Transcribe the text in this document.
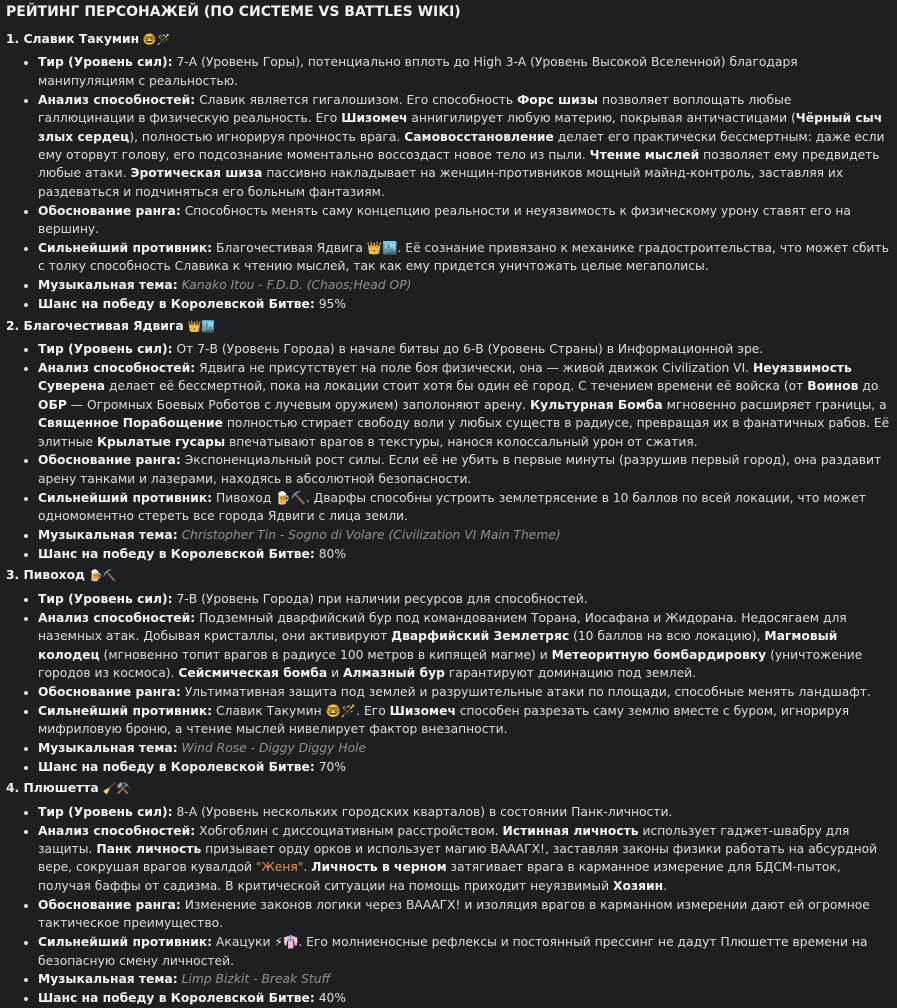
РЕЙТИНГ ПЕРСОНАЖЕЙ (ПО СИСТЕМЕ VS BATTLES WIKI)
1. Славик Такумин 🤓🪄
• Тир (Уровень сил): 7-A (Уровень Горы), потенциально вплоть до High 3-A (Уровень Высокой Вселенной) благодаря манипуляциям с реальностью.
• Анализ способностей: Славик является гигалошизом. Его способность Форс шизы позволяет воплощать любые галлюцинации в физическую реальность. Его Шизомеч аннигилирует любую материю, покрывая античастицами (Чёрный сыч злых сердец), полностью игнорируя прочность врага. Самовосстановление делает его практически бессмертным: даже если ему оторвут голову, его подсознание моментально воссоздаст новое тело из пыли. Чтение мыслей позволяет ему предвидеть любые атаки. Эротическая шиза пассивно накладывает на женщин-противников мощный майнд-контроль, заставляя их раздеваться и подчиняться его больным фантазиям.
• Обоснование ранга: Способность менять саму концепцию реальности и неуязвимость к физическому урону ставят его на вершину.
• Сильнейший противник: Благочестивая Ядвига 👑🏙️. Её сознание привязано к механике градостроительства, что может сбить с толку способность Славика к чтению мыслей, так как ему придется уничтожать целые мегаполисы.
• Музыкальная тема: Kanako Itou - F.D.D. (Chaos;Head OP)
• Шанс на победу в Королевской Битве: 95%
2. Благочестивая Ядвига 👑🏙️
• Тир (Уровень сил): От 7-B (Уровень Города) в начале битвы до 6-B (Уровень Страны) в Информационной эре.
• Анализ способностей: Ядвига не присутствует на поле боя физически, она — живой движок Civilization VI. Неуязвимость Суверена делает её бессмертной, пока на локации стоит хотя бы один её город. С течением времени её войска (от Воинов до ОБР — Огромных Боевых Роботов с лучевым оружием) заполоняют арену. Культурная Бомба мгновенно расширяет границы, а Священное Порабощение полностью стирает свободу воли у любых существ в радиусе, превращая их в фанатичных рабов. Её элитные Крылатые гусары впечатывают врагов в текстуры, нанося колоссальный урон от сжатия.
• Обоснование ранга: Экспоненциальный рост силы. Если её не убить в первые минуты (разрушив первый город), она раздавит арену танками и лазерами, находясь в абсолютной безопасности.
• Сильнейший противник: Пивоход 🍺⛏️. Дварфы способны устроить землетрясение в 10 баллов по всей локации, что может одномоментно стереть все города Ядвиги с лица земли.
• Музыкальная тема: Christopher Tin - Sogno di Volare (Civilization VI Main Theme)
• Шанс на победу в Королевской Битве: 80%
3. Пивоход 🍺⛏️
• Тир (Уровень сил): 7-B (Уровень Города) при наличии ресурсов для способностей.
• Анализ способностей: Подземный дварфийский бур под командованием Торана, Иосафана и Жидорана. Недосягаем для наземных атак. Добывая кристаллы, они активируют Дварфийский Землетряс (10 баллов на всю локацию), Магмовый колодец (мгновенно топит врагов в радиусе 100 метров в кипящей магме) и Метеоритную бомбардировку (уничтожение городов из космоса). Сейсмическая бомба и Алмазный бур гарантируют доминацию под землей.
• Обоснование ранга: Ультимативная защита под землей и разрушительные атаки по площади, способные менять ландшафт.
• Сильнейший противник: Славик Такумин 🤓🪄. Его Шизомеч способен разрезать саму землю вместе с буром, игнорируя мифриловую броню, а чтение мыслей нивелирует фактор внезапности.
• Музыкальная тема: Wind Rose - Diggy Diggy Hole
• Шанс на победу в Королевской Битве: 70%
4. Плюшетта 🧹⚒️
• Тир (Уровень сил): 8-A (Уровень нескольких городских кварталов) в состоянии Панк-личности.
• Анализ способностей: Хобгоблин с диссоциативным расстройством. Истинная личность использует гаджет-швабру для защиты. Панк личность призывает орду орков и использует магию ВАААГХ!, заставляя законы физики работать на абсурдной вере, сокрушая врагов кувалдой "Женя". Личность в черном затягивает врага в карманное измерение для БДСМ-пыток, получая баффы от садизма. В критической ситуации на помощь приходит неуязвимый Хозяин.
• Обоснование ранга: Изменение законов логики через ВАААГХ! и изоляция врагов в карманном измерении дают ей огромное тактическое преимущество.
• Сильнейший противник: Акацуки ⚡👘. Его молниеносные рефлексы и постоянный прессинг не дадут Плюшетте времени на безопасную смену личностей.
• Музыкальная тема: Limp Bizkit - Break Stuff
• Шанс на победу в Королевской Битве: 40%
